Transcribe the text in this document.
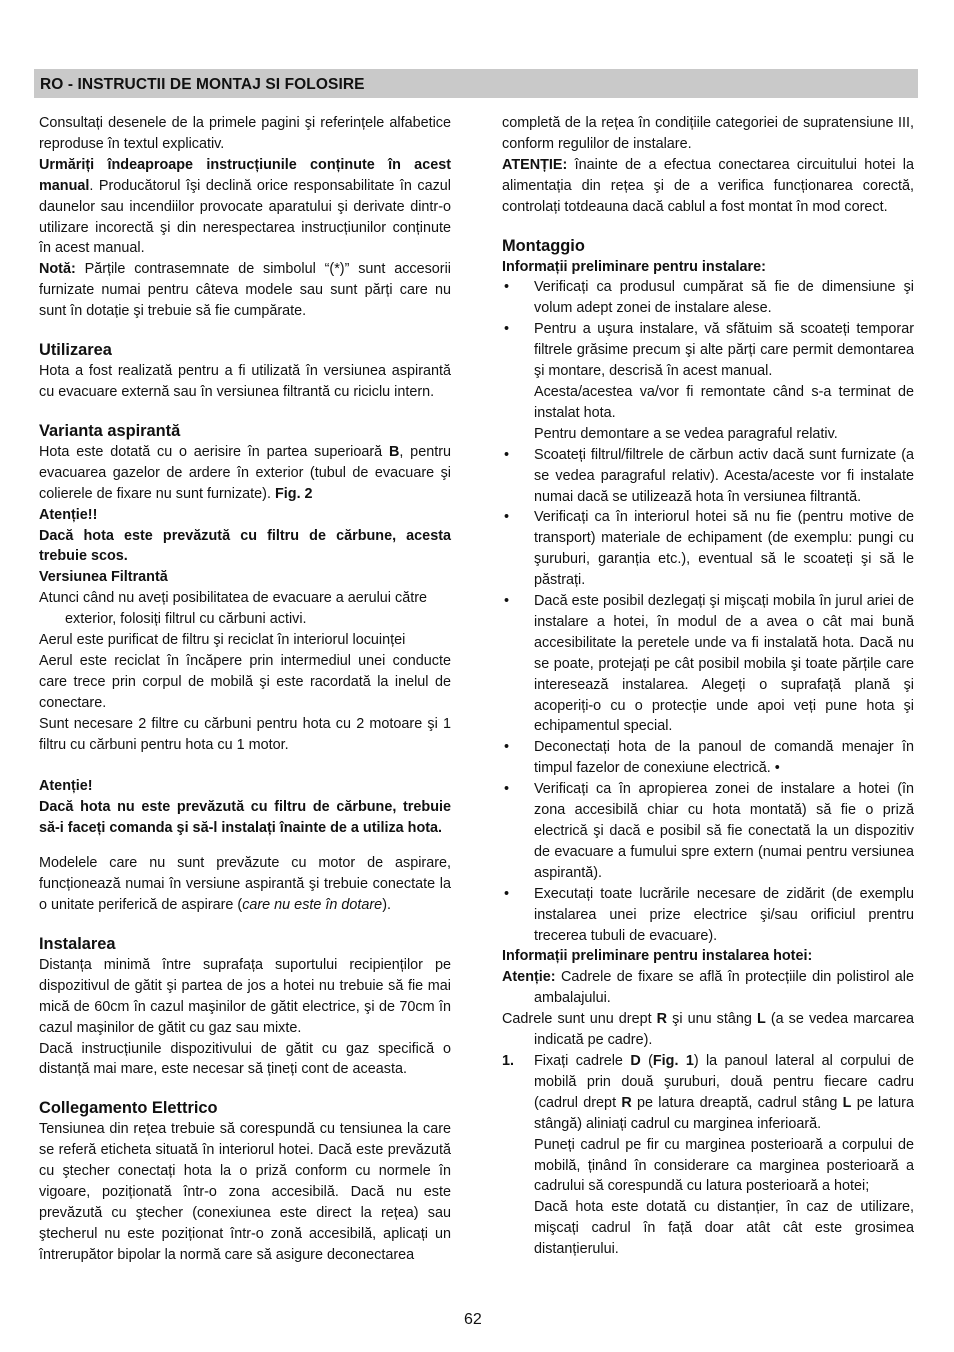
RO - INSTRUCTII DE MONTAJ SI FOLOSIRE

Consultați desenele de la primele pagini şi referințele alfabetice reproduse în textul explicativ.

Urmăriți îndeaproape instrucțiunile conținute în acest manual. Producătorul îşi declină orice responsabilitate în cazul daunelor sau incendiilor provocate aparatului şi derivate dintr-o utilizare incorectă şi din nerespectarea instrucțiunilor conținute în acest manual.

Notă: Părțile contrasemnate de simbolul “(*)” sunt accesorii furnizate numai pentru câteva modele sau sunt părți care nu sunt în dotație şi trebuie să fie cumpărate.

Utilizarea

Hota a fost realizată pentru a fi utilizată în versiunea aspirantă cu evacuare externă sau în versiunea filtrantă cu riciclu intern.

Varianta aspirantă

Hota este dotată cu o aerisire în partea superioară B, pentru evacuarea gazelor de ardere în exterior (tubul de evacuare şi colierele de fixare nu sunt furnizate). Fig. 2

Atenție!!

Dacă hota este prevăzută cu filtru de cărbune, acesta trebuie scos.

Versiunea Filtrantă

Atunci când nu aveți posibilitatea de evacuare a aerului către exterior, folosiți filtrul cu cărbuni activi.

Aerul este purificat de filtru şi reciclat în interiorul locuinței

Aerul este reciclat în încăpere prin intermediul unei conducte care trece prin corpul de mobilă şi este racordată la inelul de conectare.

Sunt necesare 2 filtre cu cărbuni pentru hota cu 2 motoare şi 1 filtru cu cărbuni pentru hota cu 1 motor.

Atenție!

Dacă hota nu este prevăzută cu filtru de cărbune, trebuie să-i faceți comanda şi să-l instalați înainte de a utiliza hota.

Modelele care nu sunt prevăzute cu motor de aspirare, funcționează numai în versiune aspirantă şi trebuie conectate la o unitate periferică de aspirare (care nu este în dotare).

Instalarea

Distanța minimă între suprafața suportului recipienților pe dispozitivul de gătit şi partea de jos a hotei nu trebuie să fie mai mică de 60cm în cazul maşinilor de gătit electrice, şi de 70cm în cazul maşinilor de gătit cu gaz sau mixte.

Dacă instrucțiunile dispozitivului de gătit cu gaz specifică o distanță mai mare, este necesar să țineți cont de aceasta.

Collegamento Elettrico

Tensiunea din rețea trebuie să corespundă cu tensiunea la care se referă eticheta situată în interiorul hotei. Dacă este prevăzută cu ştecher conectați hota la o priză conform cu normele în vigoare, poziționată într-o zona accesibilă. Dacă nu este prevăzută cu ştecher (conexiunea este direct la rețea) sau ştecherul nu este poziționat într-o zonă accesibilă, aplicați un întrerupător bipolar la normă care să asigure deconectarea

completă de la rețea în condițiile categoriei de supratensiune III, conform regulilor de instalare.

ATENȚIE: înainte de a efectua conectarea circuitului hotei la alimentația din rețea şi de a verifica funcționarea corectă, controlați totdeauna dacă cablul a fost montat în mod corect.

Montaggio

Informații preliminare pentru instalare:

• Verificați ca produsul cumpărat să fie de dimensiune şi volum adept zonei de instalare alese.
• Pentru a uşura instalare, vă sfătuim să scoateți temporar filtrele grăsime precum şi alte părți care permit demontarea şi montare, descrisă în acest manual.
Acesta/acestea va/vor fi remontate când s-a terminat de instalat hota.
Pentru demontare a se vedea paragraful relativ.
• Scoateți filtrul/filtrele de cărbun activ dacă sunt furnizate (a se vedea paragraful relativ). Acesta/aceste vor fi instalate numai dacă se utilizează hota în versiunea filtrantă.
• Verificați ca în interiorul hotei să nu fie (pentru motive de transport) materiale de echipament (de exemplu: pungi cu şuruburi, garanția etc.), eventual să le scoateți şi să le păstrați.
• Dacă este posibil dezlegați şi mişcați mobila în jurul ariei de instalare a hotei, în modul de a avea o cât mai bună accesibilitate la peretele unde va fi instalată hota. Dacă nu se poate, protejați pe cât posibil mobila şi toate părțile care interesează instalarea. Alegeți o suprafață plană şi acoperiți-o cu o protecție unde apoi veți pune hota şi echipamentul special.
• Deconectați hota de la panoul de comandă menajer în timpul fazelor de conexiune electrică. •
• Verificați ca în apropierea zonei de instalare a hotei (în zona accesibilă chiar cu hota montată) să fie o priză electrică şi dacă e posibil să fie conectată la un dispozitiv de evacuare a fumului spre extern (numai pentru versiunea aspirantă).
• Executați toate lucrările necesare de zidărit (de exemplu instalarea unei prize electrice şi/sau orificiul prentru trecerea tubuli de evacuare).

Informații preliminare pentru instalarea hotei:

Atenție: Cadrele de fixare se află în protecțiile din polistirol ale ambalajului.

Cadrele sunt unu drept R şi unu stâng L (a se vedea marcarea indicată pe cadre).

1. Fixați cadrele D (Fig. 1) la panoul lateral al corpului de mobilă prin două şuruburi, două pentru fiecare cadru (cadrul drept R pe latura dreaptă, cadrul stâng L pe latura stângă) aliniați cadrul cu marginea inferioară.

Puneți cadrul pe fir cu marginea posterioară a corpului de mobilă, ținând în considerare ca marginea posterioară a cadrului să corespundă cu latura posterioară a hotei;

Dacă hota este dotată cu distanțier, în caz de utilizare, mişcați cadrul în față doar atât cât este grosimea distanțierului.

62
